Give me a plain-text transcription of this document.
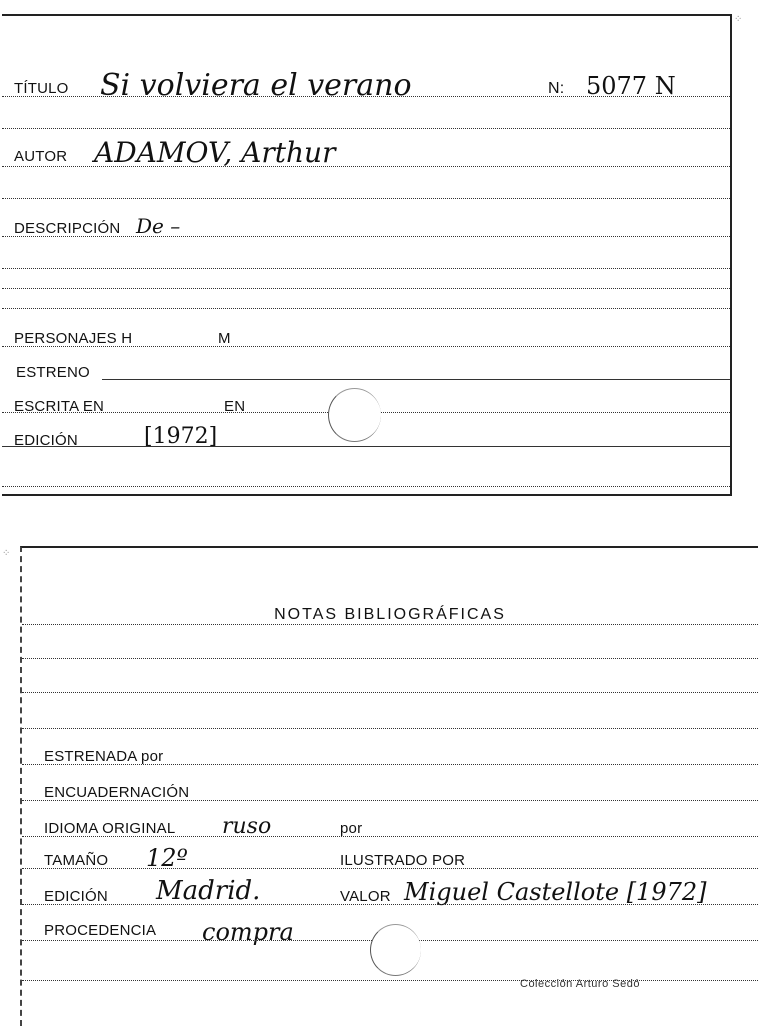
TÍTULO Si volviera el verano	N: 5077 N
AUTOR ADAMOV, Arthur
DESCRIPCIÓN De –
PERSONAJES H	M
ESTRENO
ESCRITA EN	EN
EDICIÓN	[1972]
NOTAS BIBLIOGRÁFICAS
ESTRENADA por
ENCUADERNACIÓN
IDIOMA ORIGINAL ruso	por
TAMAÑO 12º	ILUSTRADO POR
EDICIÓN Madrid.	VALOR Miguel Castellote [1972]
PROCEDENCIA compra
Colección Arturo Sedó
⁘
⁘
